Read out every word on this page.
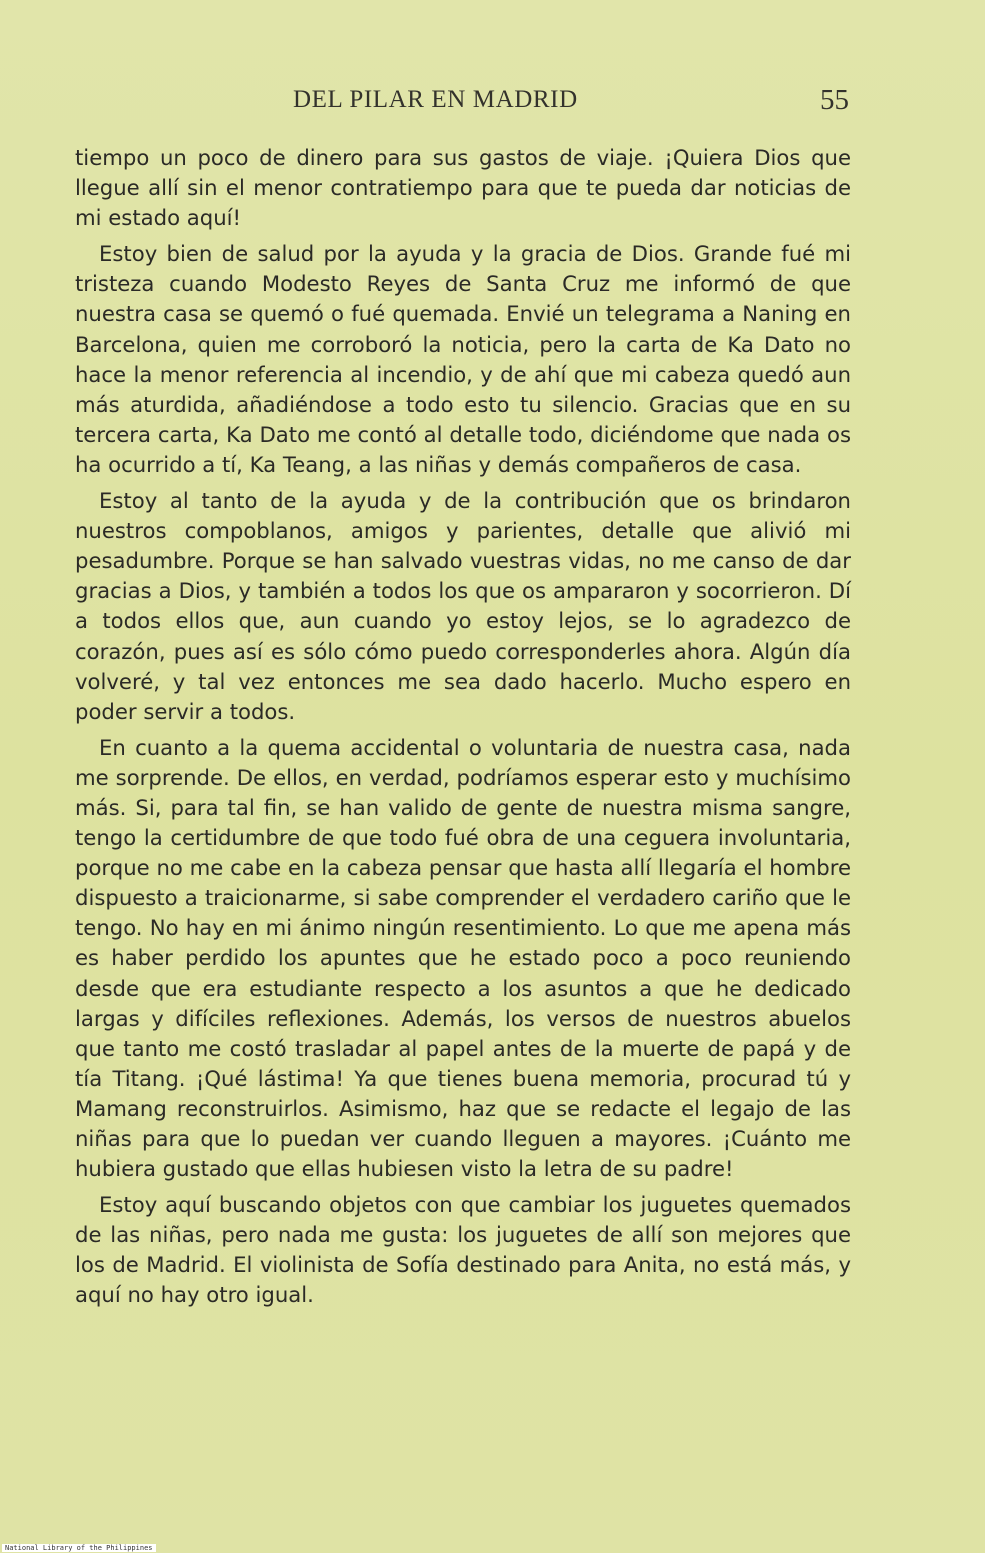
DEL PILAR EN MADRID	55

tiempo un poco de dinero para sus gastos de viaje. ¡Quiera Dios que llegue allí sin el menor contratiempo para que te pueda dar noticias de mi estado aquí!

Estoy bien de salud por la ayuda y la gracia de Dios. Grande fué mi tristeza cuando Modesto Reyes de Santa Cruz me informó de que nuestra casa se quemó o fué quemada. Envié un telegrama a Naning en Barcelona, quien me corroboró la noticia, pero la carta de Ka Dato no hace la menor referencia al incendio, y de ahí que mi cabeza quedó aun más aturdida, añadiéndose a todo esto tu silencio. Gracias que en su tercera carta, Ka Dato me contó al detalle todo, diciéndome que nada os ha ocurrido a tí, Ka Teang, a las niñas y demás compañeros de casa.

Estoy al tanto de la ayuda y de la contribución que os brindaron nuestros compoblanos, amigos y parientes, detalle que alivió mi pesadumbre. Porque se han salvado vuestras vidas, no me canso de dar gracias a Dios, y también a todos los que os ampararon y socorrieron. Dí a todos ellos que, aun cuando yo estoy lejos, se lo agradezco de corazón, pues así es sólo cómo puedo corresponderles ahora. Algún día volveré, y tal vez entonces me sea dado hacerlo. Mucho espero en poder servir a todos.

En cuanto a la quema accidental o voluntaria de nuestra casa, nada me sorprende. De ellos, en verdad, podríamos esperar esto y muchísimo más. Si, para tal fin, se han valido de gente de nuestra misma sangre, tengo la certidumbre de que todo fué obra de una ceguera involuntaria, porque no me cabe en la cabeza pensar que hasta allí llegaría el hombre dispuesto a traicionarme, si sabe comprender el verdadero cariño que le tengo. No hay en mi ánimo ningún resentimiento. Lo que me apena más es haber perdido los apuntes que he estado poco a poco reuniendo desde que era estudiante respecto a los asuntos a que he dedicado largas y difíciles reflexiones. Además, los versos de nuestros abuelos que tanto me costó trasladar al papel antes de la muerte de papá y de tía Titang. ¡Qué lástima! Ya que tienes buena memoria, procurad tú y Mamang reconstruirlos. Asimismo, haz que se redacte el legajo de las niñas para que lo puedan ver cuando lleguen a mayores. ¡Cuánto me hubiera gustado que ellas hubiesen visto la letra de su padre!

Estoy aquí buscando objetos con que cambiar los juguetes quemados de las niñas, pero nada me gusta: los juguetes de allí son mejores que los de Madrid. El violinista de Sofía destinado para Anita, no está más, y aquí no hay otro igual.

National Library of the Philippines
